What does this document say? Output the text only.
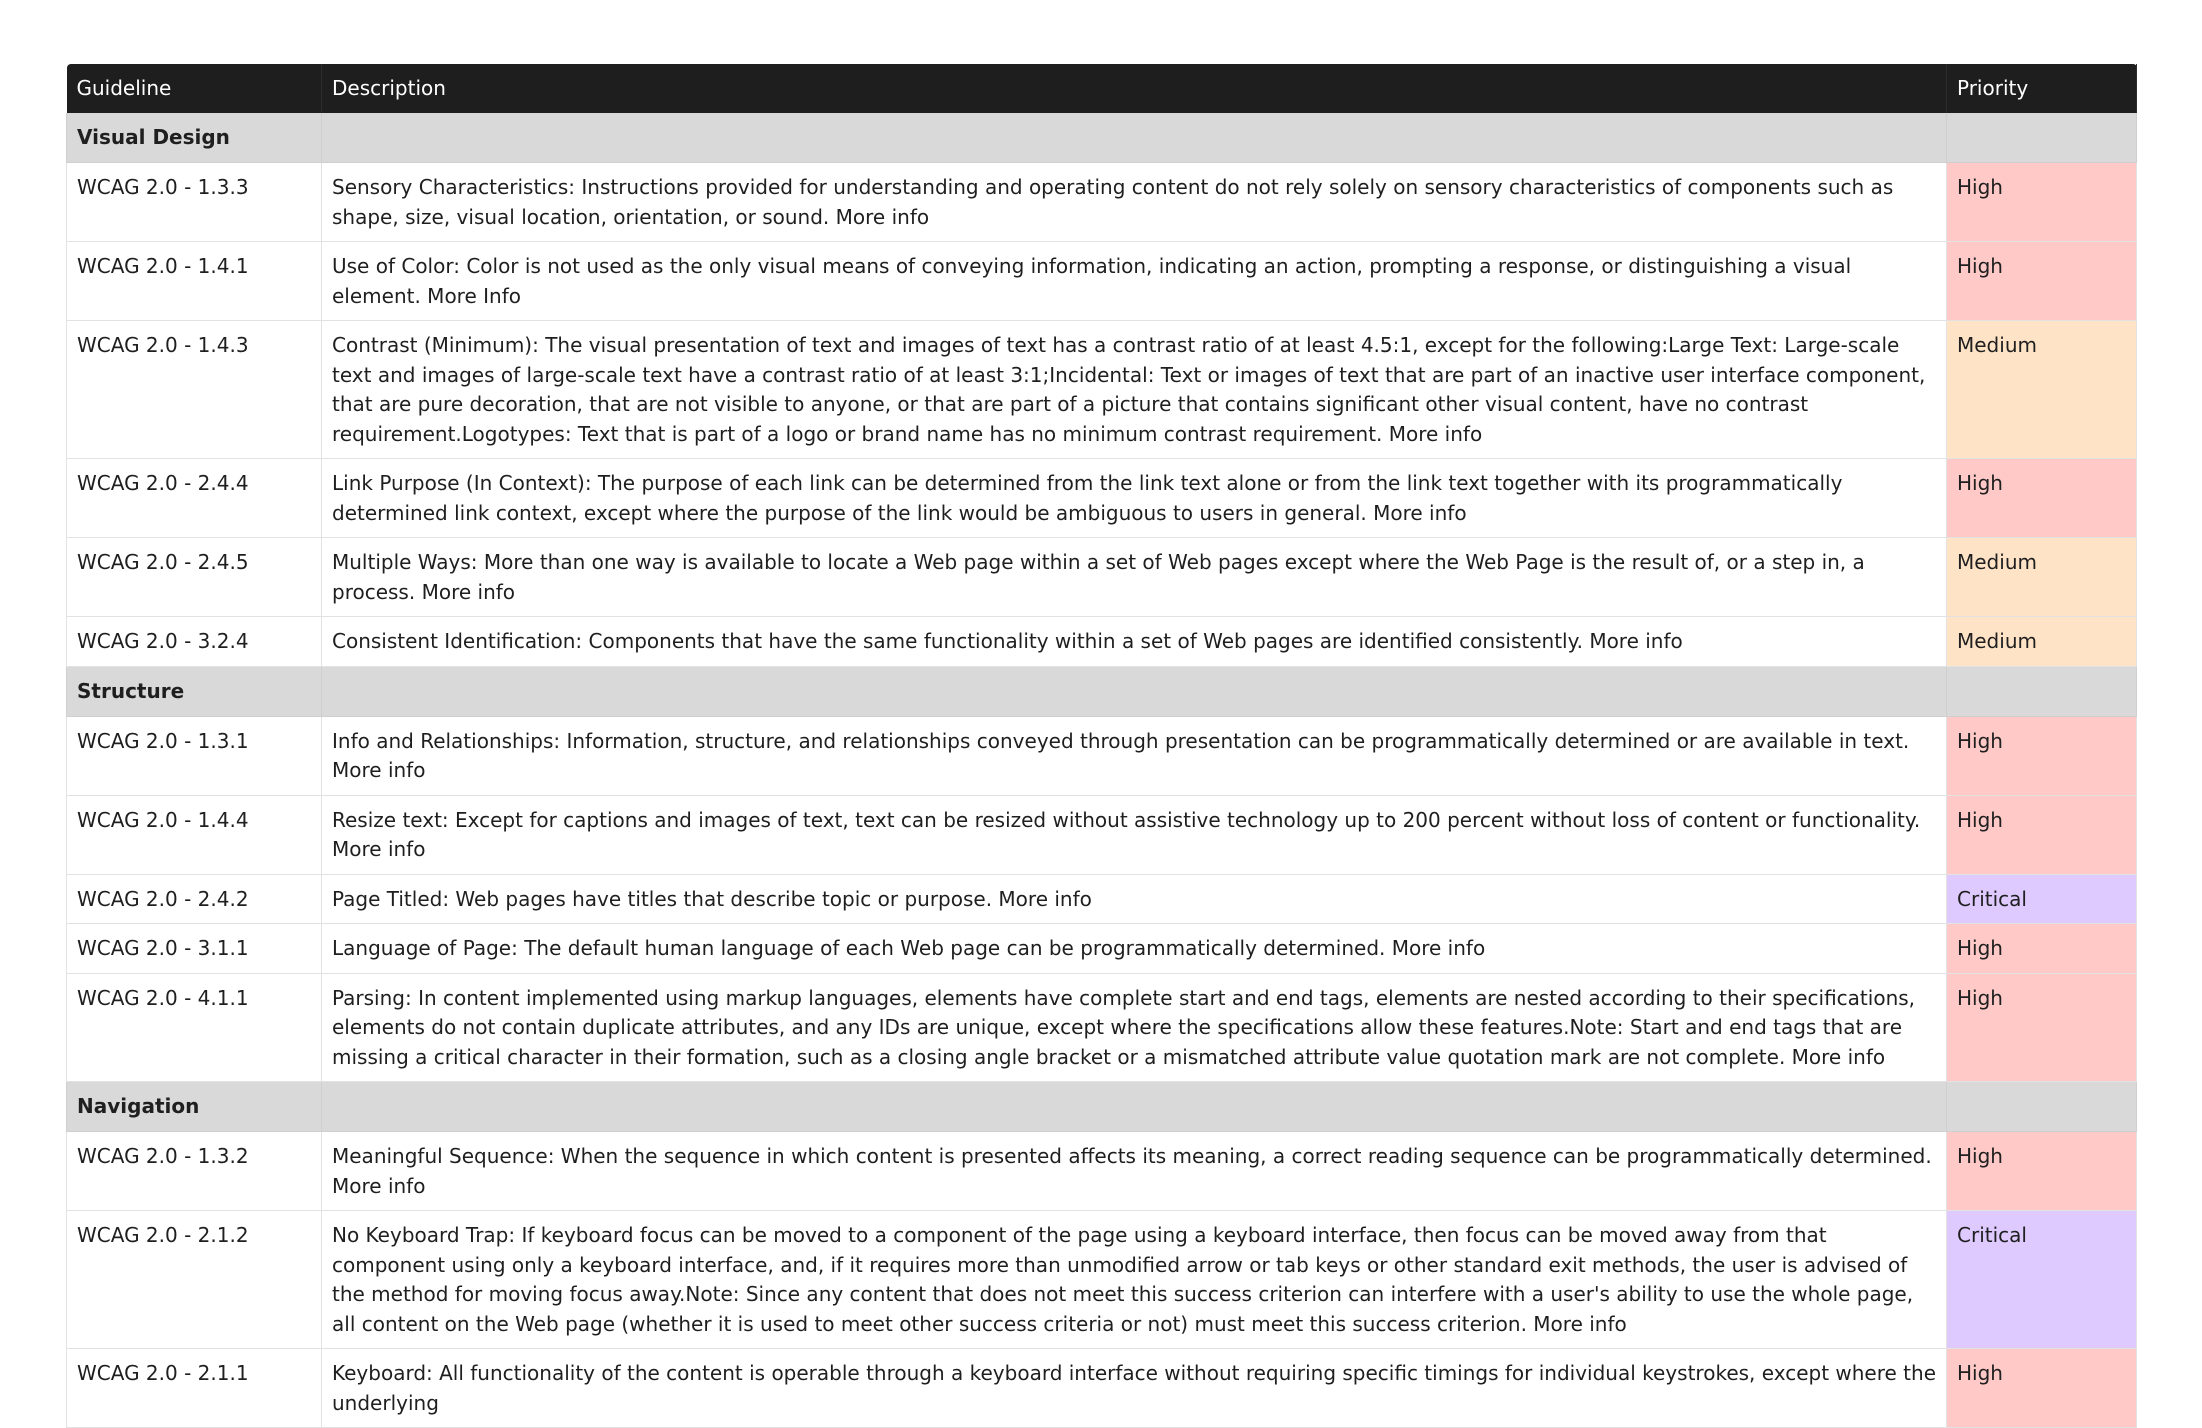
Guideline	Description	Priority
Visual Design		
WCAG 2.0 - 1.3.3	Sensory Characteristics: Instructions provided for understanding and operating content do not rely solely on sensory characteristics of components such as shape, size, visual location, orientation, or sound. More info	High
WCAG 2.0 - 1.4.1	Use of Color: Color is not used as the only visual means of conveying information, indicating an action, prompting a response, or distinguishing a visual element. More Info	High
WCAG 2.0 - 1.4.3	Contrast (Minimum): The visual presentation of text and images of text has a contrast ratio of at least 4.5:1, except for the following:Large Text: Large-scale text and images of large-scale text have a contrast ratio of at least 3:1;Incidental: Text or images of text that are part of an inactive user interface component, that are pure decoration, that are not visible to anyone, or that are part of a picture that contains significant other visual content, have no contrast requirement.Logotypes: Text that is part of a logo or brand name has no minimum contrast requirement. More info	Medium
WCAG 2.0 - 2.4.4	Link Purpose (In Context): The purpose of each link can be determined from the link text alone or from the link text together with its programmatically determined link context, except where the purpose of the link would be ambiguous to users in general. More info	High
WCAG 2.0 - 2.4.5	Multiple Ways: More than one way is available to locate a Web page within a set of Web pages except where the Web Page is the result of, or a step in, a process. More info	Medium
WCAG 2.0 - 3.2.4	Consistent Identification: Components that have the same functionality within a set of Web pages are identified consistently. More info	Medium
Structure		
WCAG 2.0 - 1.3.1	Info and Relationships: Information, structure, and relationships conveyed through presentation can be programmatically determined or are available in text. More info	High
WCAG 2.0 - 1.4.4	Resize text: Except for captions and images of text, text can be resized without assistive technology up to 200 percent without loss of content or functionality. More info	High
WCAG 2.0 - 2.4.2	Page Titled: Web pages have titles that describe topic or purpose. More info	Critical
WCAG 2.0 - 3.1.1	Language of Page: The default human language of each Web page can be programmatically determined. More info	High
WCAG 2.0 - 4.1.1	Parsing: In content implemented using markup languages, elements have complete start and end tags, elements are nested according to their specifications, elements do not contain duplicate attributes, and any IDs are unique, except where the specifications allow these features.Note: Start and end tags that are missing a critical character in their formation, such as a closing angle bracket or a mismatched attribute value quotation mark are not complete. More info	High
Navigation		
WCAG 2.0 - 1.3.2	Meaningful Sequence: When the sequence in which content is presented affects its meaning, a correct reading sequence can be programmatically determined. More info	High
WCAG 2.0 - 2.1.2	No Keyboard Trap: If keyboard focus can be moved to a component of the page using a keyboard interface, then focus can be moved away from that component using only a keyboard interface, and, if it requires more than unmodified arrow or tab keys or other standard exit methods, the user is advised of the method for moving focus away.Note: Since any content that does not meet this success criterion can interfere with a user's ability to use the whole page, all content on the Web page (whether it is used to meet other success criteria or not) must meet this success criterion. More info	Critical
WCAG 2.0 - 2.1.1	Keyboard: All functionality of the content is operable through a keyboard interface without requiring specific timings for individual keystrokes, except where the underlying	High
